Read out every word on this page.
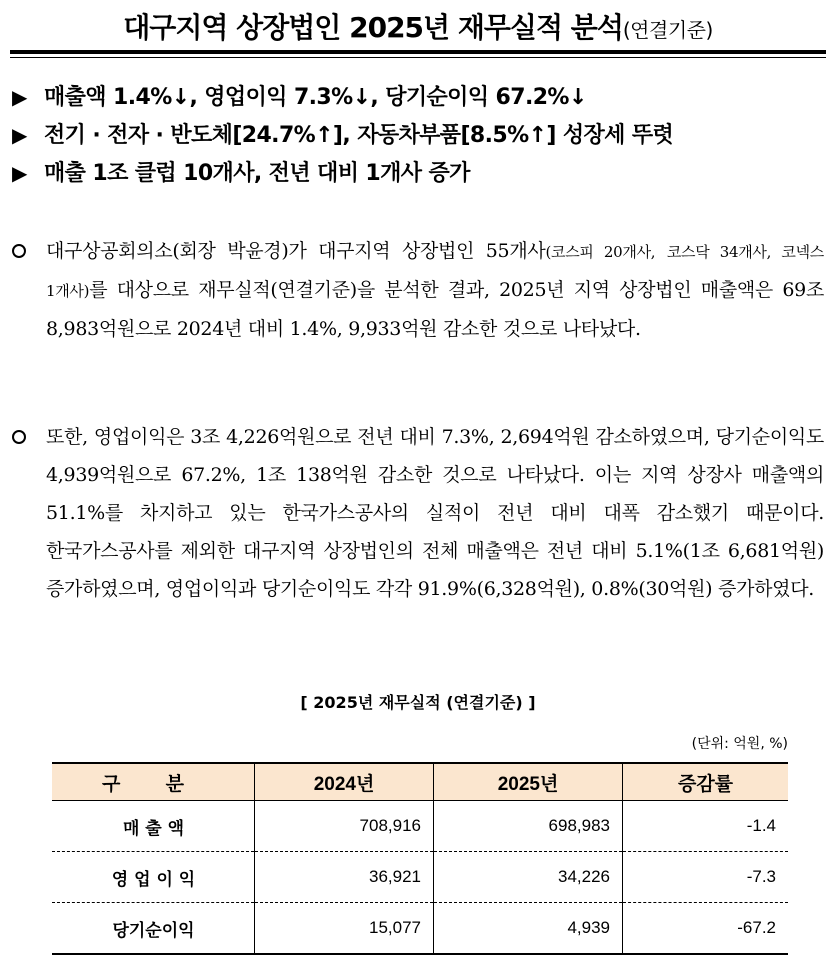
대구지역 상장법인 2025년 재무실적 분석(연결기준)
▶ 매출액 1.4%↓, 영업이익 7.3%↓, 당기순이익 67.2%↓
▶ 전기 · 전자 · 반도체[24.7%↑], 자동차부품[8.5%↑] 성장세 뚜렷
▶ 매출 1조 클럽 10개사, 전년 대비 1개사 증가
대구상공회의소(회장 박윤경)가 대구지역 상장법인 55개사(코스피 20개사, 코스닥 34개사, 코넥스 1개사)를 대상으로 재무실적(연결기준)을 분석한 결과, 2025년 지역 상장법인 매출액은 69조 8,983억원으로 2024년 대비 1.4%, 9,933억원 감소한 것으로 나타났다.
또한, 영업이익은 3조 4,226억원으로 전년 대비 7.3%, 2,694억원 감소하였으며, 당기순이익도 4,939억원으로 67.2%, 1조 138억원 감소한 것으로 나타났다. 이는 지역 상장사 매출액의 51.1%를 차지하고 있는 한국가스공사의 실적이 전년 대비 대폭 감소했기 때문이다. 한국가스공사를 제외한 대구지역 상장법인의 전체 매출액은 전년 대비 5.1%(1조 6,681억원) 증가하였으며, 영업이익과 당기순이익도 각각 91.9%(6,328억원), 0.8%(30억원) 증가하였다.
[ 2025년 재무실적 (연결기준) ]
(단위: 억원, %)
구 분	2024년	2025년	증감률
매 출 액	708,916	698,983	-1.4
영 업 이 익	36,921	34,226	-7.3
당기순이익	15,077	4,939	-67.2
